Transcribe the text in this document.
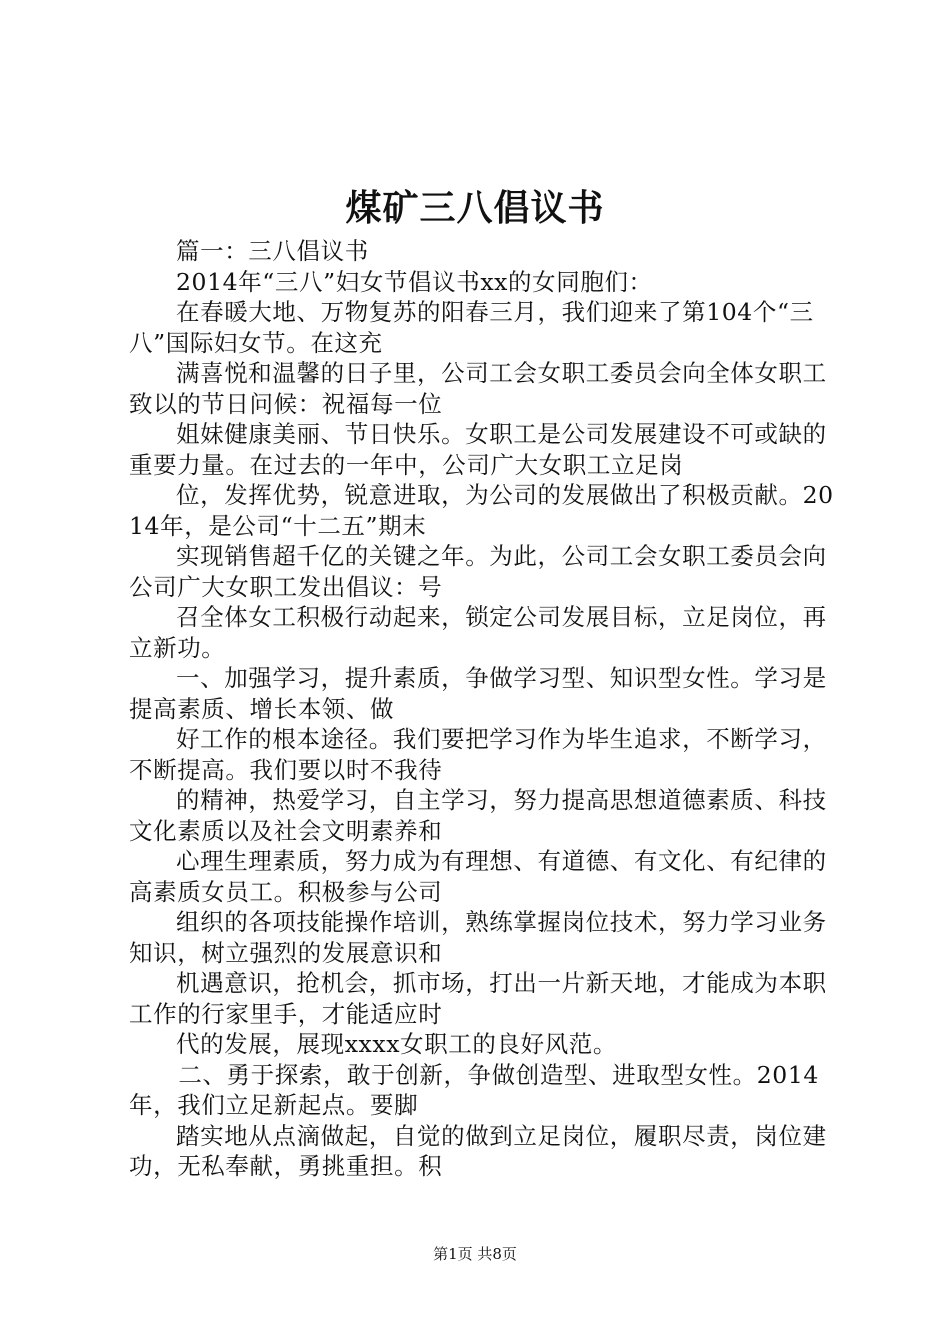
煤矿三八倡议书

篇一：三八倡议书

2014年“三八”妇女节倡议书xx的女同胞们：

在春暖大地、万物复苏的阳春三月，我们迎来了第104个“三八”国际妇女节。在这充

满喜悦和温馨的日子里，公司工会女职工委员会向全体女职工致以的节日问候：祝福每一位

姐妹健康美丽、节日快乐。女职工是公司发展建设不可或缺的重要力量。在过去的一年中，公司广大女职工立足岗

位，发挥优势，锐意进取，为公司的发展做出了积极贡献。2014年，是公司“十二五”期末

实现销售超千亿的关键之年。为此，公司工会女职工委员会向公司广大女职工发出倡议：号

召全体女工积极行动起来，锁定公司发展目标，立足岗位，再立新功。

一、加强学习，提升素质，争做学习型、知识型女性。学习是提高素质、增长本领、做

好工作的根本途径。我们要把学习作为毕生追求，不断学习，不断提高。我们要以时不我待

的精神，热爱学习，自主学习，努力提高思想道德素质、科技文化素质以及社会文明素养和

心理生理素质，努力成为有理想、有道德、有文化、有纪律的高素质女员工。积极参与公司

组织的各项技能操作培训，熟练掌握岗位技术，努力学习业务知识，树立强烈的发展意识和

机遇意识，抢机会，抓市场，打出一片新天地，才能成为本职工作的行家里手，才能适应时

代的发展，展现xxxx女职工的良好风范。

二、勇于探索，敢于创新，争做创造型、进取型女性。2014年，我们立足新起点。要脚

踏实地从点滴做起，自觉的做到立足岗位，履职尽责，岗位建功，无私奉献，勇挑重担。积

第1页 共8页
